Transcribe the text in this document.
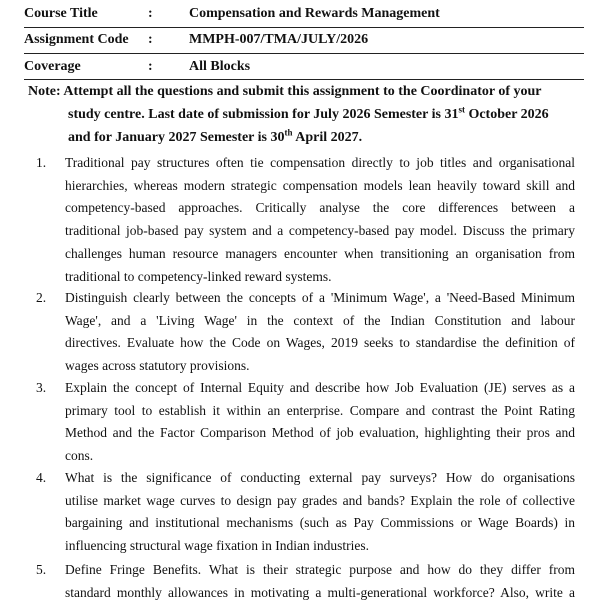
Course Title	:	Compensation and Rewards Management
Assignment Code :	MMPH-007/TMA/JULY/2026
Coverage	:	All Blocks
Note: Attempt all the questions and submit this assignment to the Coordinator of your
study centre. Last date of submission for July 2026 Semester is 31st October 2026
and for January 2027 Semester is 30th April 2027.
1. Traditional pay structures often tie compensation directly to job titles and organisational
hierarchies, whereas modern strategic compensation models lean heavily toward skill and
competency-based approaches. Critically analyse the core differences between a
traditional job-based pay system and a competency-based pay model. Discuss the primary
challenges human resource managers encounter when transitioning an organisation from
traditional to competency-linked reward systems.
2. Distinguish clearly between the concepts of a 'Minimum Wage', a 'Need-Based Minimum
Wage', and a 'Living Wage' in the context of the Indian Constitution and labour
directives. Evaluate how the Code on Wages, 2019 seeks to standardise the definition of
wages across statutory provisions.
3. Explain the concept of Internal Equity and describe how Job Evaluation (JE) serves as a
primary tool to establish it within an enterprise. Compare and contrast the Point Rating
Method and the Factor Comparison Method of job evaluation, highlighting their pros and
cons.
4. What is the significance of conducting external pay surveys? How do organisations
utilise market wage curves to design pay grades and bands? Explain the role of collective
bargaining and institutional mechanisms (such as Pay Commissions or Wage Boards) in
influencing structural wage fixation in Indian industries.
5. Define Fringe Benefits. What is their strategic purpose and how do they differ from
standard monthly allowances in motivating a multi-generational workforce? Also, write a
